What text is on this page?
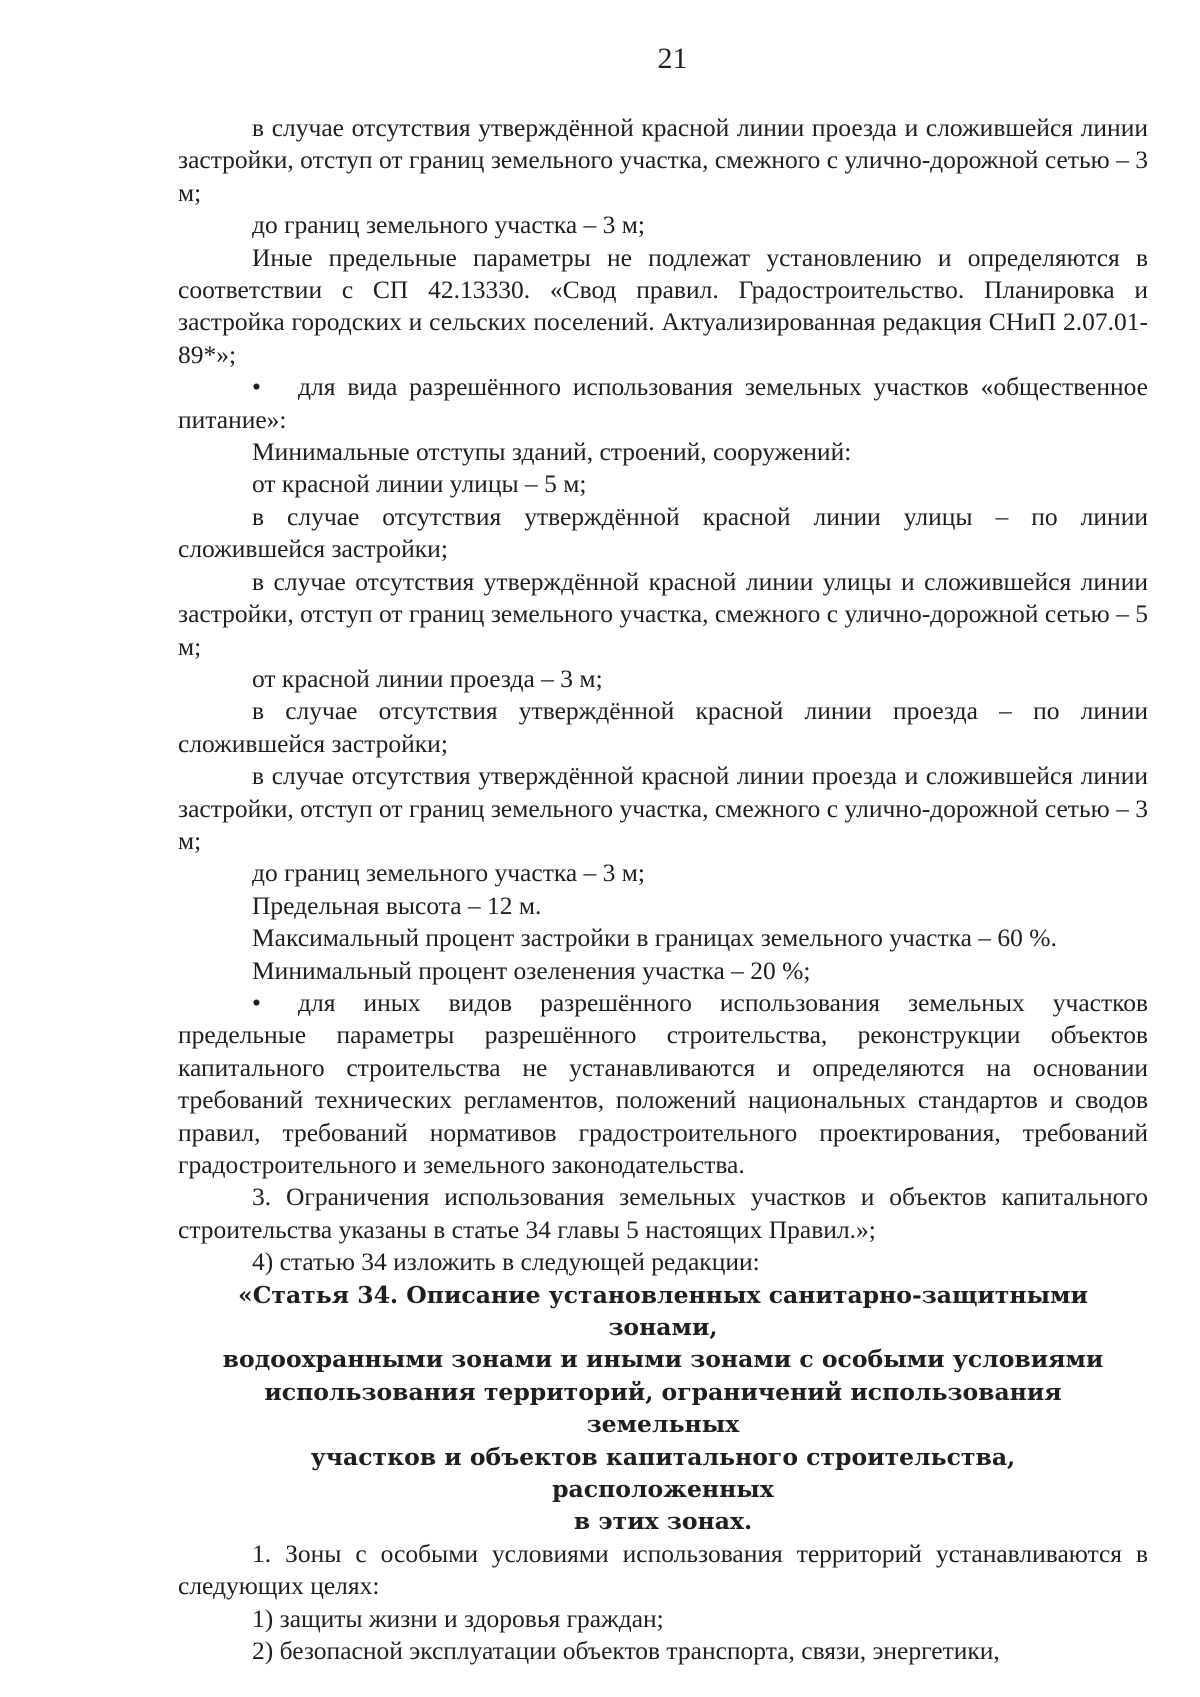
21

в случае отсутствия утверждённой красной линии проезда и сложившейся линии застройки, отступ от границ земельного участка, смежного с улично-дорожной сетью – 3 м;

до границ земельного участка – 3 м;

Иные предельные параметры не подлежат установлению и определяются в соответствии с СП 42.13330. «Свод правил. Градостроительство. Планировка и застройка городских и сельских поселений. Актуализированная редакция СНиП 2.07.01-89*»;

• для вида разрешённого использования земельных участков «общественное питание»:

Минимальные отступы зданий, строений, сооружений:

от красной линии улицы – 5 м;

в случае отсутствия утверждённой красной линии улицы – по линии сложившейся застройки;

в случае отсутствия утверждённой красной линии улицы и сложившейся линии застройки, отступ от границ земельного участка, смежного с улично-дорожной сетью – 5 м;

от красной линии проезда – 3 м;

в случае отсутствия утверждённой красной линии проезда – по линии сложившейся застройки;

в случае отсутствия утверждённой красной линии проезда и сложившейся линии застройки, отступ от границ земельного участка, смежного с улично-дорожной сетью – 3 м;

до границ земельного участка – 3 м;

Предельная высота – 12 м.

Максимальный процент застройки в границах земельного участка – 60 %.

Минимальный процент озеленения участка – 20 %;

• для иных видов разрешённого использования земельных участков предельные параметры разрешённого строительства, реконструкции объектов капитального строительства не устанавливаются и определяются на основании требований технических регламентов, положений национальных стандартов и сводов правил, требований нормативов градостроительного проектирования, требований градостроительного и земельного законодательства.

3. Ограничения использования земельных участков и объектов капитального строительства указаны в статье 34 главы 5 настоящих Правил.»;

4) статью 34 изложить в следующей редакции:

«Статья 34. Описание установленных санитарно-защитными зонами,

водоохранными зонами и иными зонами с особыми условиями

использования территорий, ограничений использования земельных

участков и объектов капитального строительства, расположенных

в этих зонах.

1. Зоны с особыми условиями использования территорий устанавливаются в следующих целях:

1) защиты жизни и здоровья граждан;

2) безопасной эксплуатации объектов транспорта, связи, энергетики,
